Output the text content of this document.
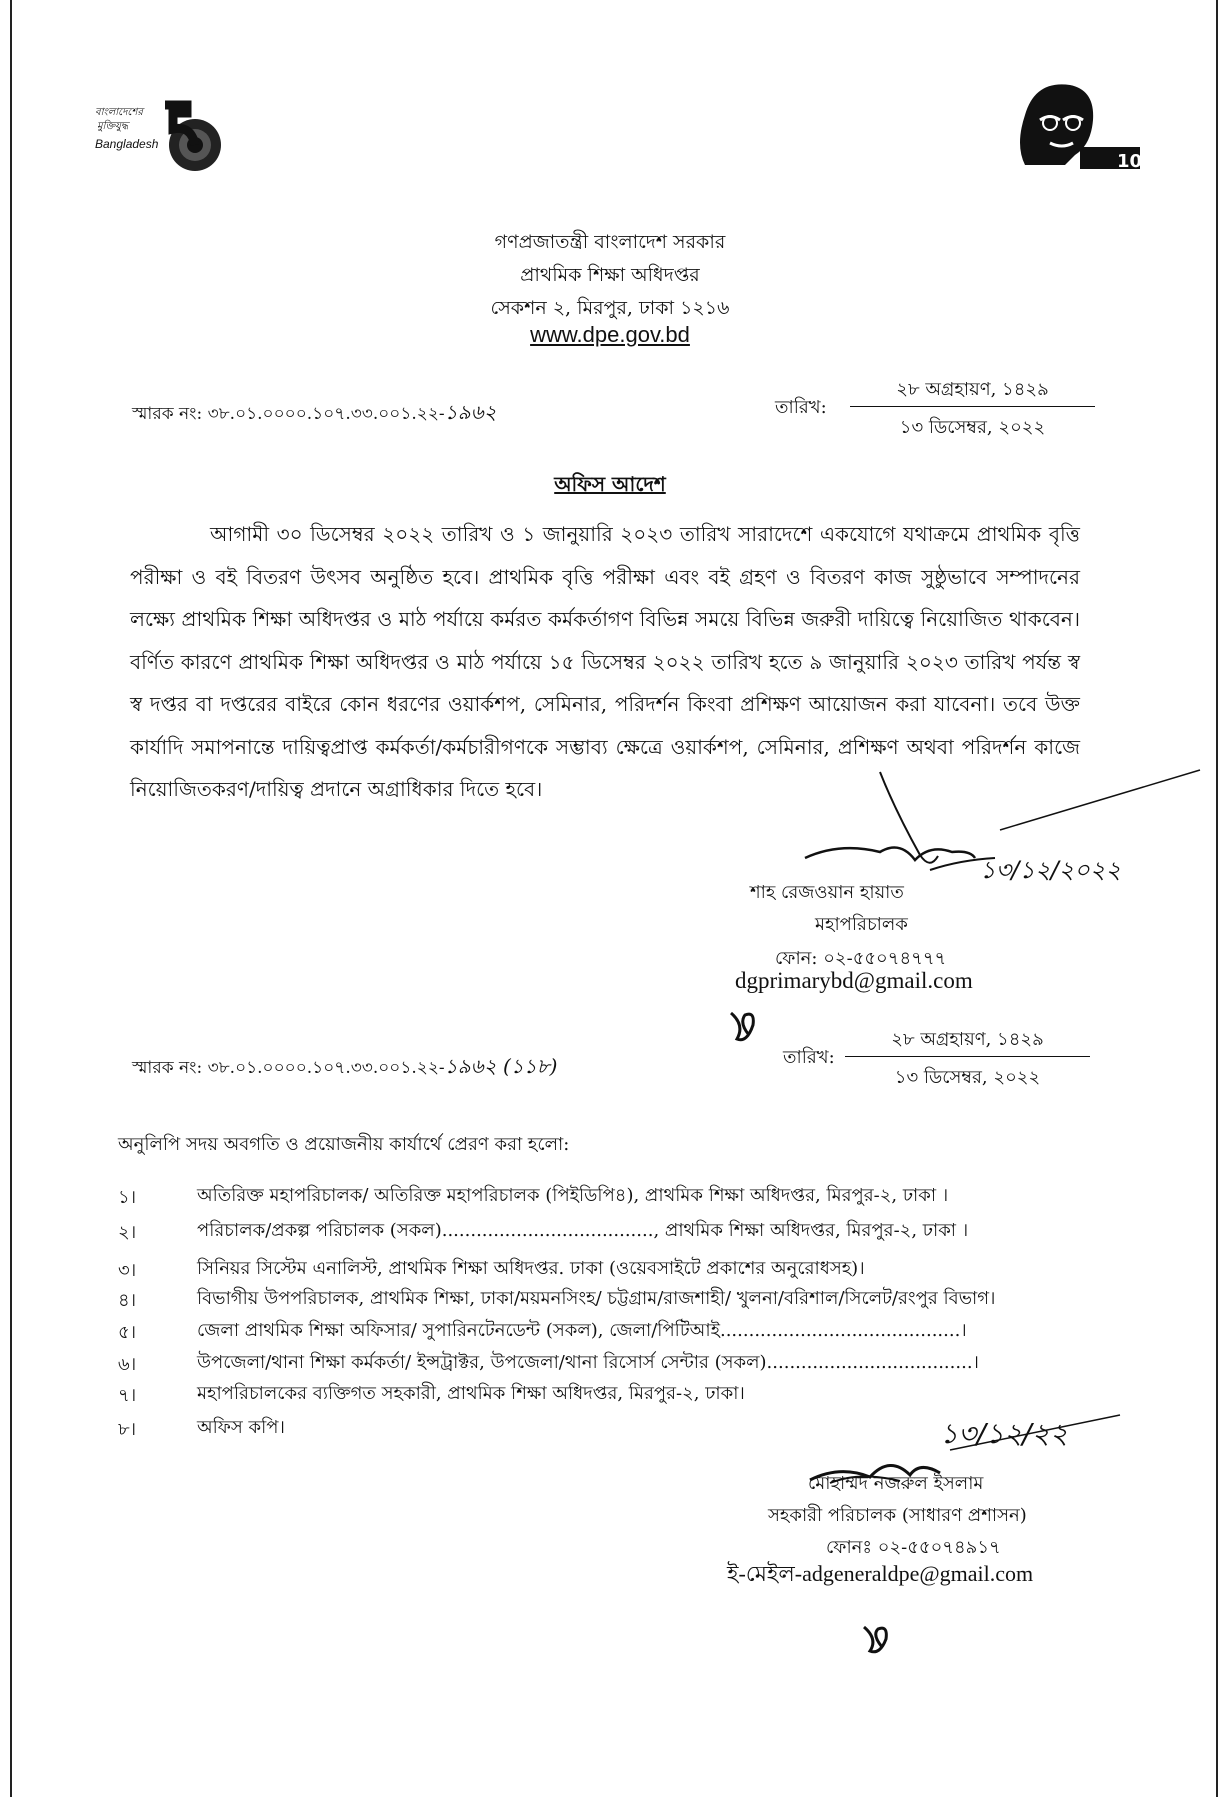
বাংলাদেশের
মুক্তিযুদ্ধ
Bangladesh
100
গণপ্রজাতন্ত্রী বাংলাদেশ সরকার
প্রাথমিক শিক্ষা অধিদপ্তর
সেকশন ২, মিরপুর, ঢাকা ১২১৬
www.dpe.gov.bd
স্মারক নং: ৩৮.০১.০০০০.১০৭.৩৩.০০১.২২-১৯৬২	তারিখ:
২৮ অগ্রহায়ণ, ১৪২৯
১৩ ডিসেম্বর, ২০২২
অফিস আদেশ

আগামী ৩০ ডিসেম্বর ২০২২ তারিখ ও ১ জানুয়ারি ২০২৩ তারিখ সারাদেশে একযোগে যথাক্রমে প্রাথমিক বৃত্তি পরীক্ষা ও বই বিতরণ উৎসব অনুষ্ঠিত হবে। প্রাথমিক বৃত্তি পরীক্ষা এবং বই গ্রহণ ও বিতরণ কাজ সুষ্ঠুভাবে সম্পাদনের লক্ষ্যে প্রাথমিক শিক্ষা অধিদপ্তর ও মাঠ পর্যায়ে কর্মরত কর্মকর্তাগণ বিভিন্ন সময়ে বিভিন্ন জরুরী দায়িত্বে নিয়োজিত থাকবেন। বর্ণিত কারণে প্রাথমিক শিক্ষা অধিদপ্তর ও মাঠ পর্যায়ে ১৫ ডিসেম্বর ২০২২ তারিখ হতে ৯ জানুয়ারি ২০২৩ তারিখ পর্যন্ত স্ব স্ব দপ্তর বা দপ্তরের বাইরে কোন ধরণের ওয়ার্কশপ, সেমিনার, পরিদর্শন কিংবা প্রশিক্ষণ আয়োজন করা যাবেনা। তবে উক্ত কার্যাদি সমাপনান্তে দায়িত্বপ্রাপ্ত কর্মকর্তা/কর্মচারীগণকে সম্ভাব্য ক্ষেত্রে ওয়ার্কশপ, সেমিনার, প্রশিক্ষণ অথবা পরিদর্শন কাজে নিয়োজিতকরণ/দায়িত্ব প্রদানে অগ্রাধিকার দিতে হবে।

১৩/১২/২০২২
শাহ রেজওয়ান হায়াত
মহাপরিচালক
ফোন: ০২-৫৫০৭৪৭৭৭
dgprimarybd@gmail.com
স্মারক নং: ৩৮.০১.০০০০.১০৭.৩৩.০০১.২২-১৯৬২ (১১৮)	তারিখ:
২৮ অগ্রহায়ণ, ১৪২৯
১৩ ডিসেম্বর, ২০২২
অনুলিপি সদয় অবগতি ও প্রয়োজনীয় কার্যার্থে প্রেরণ করা হলো:
১।	অতিরিক্ত মহাপরিচালক/ অতিরিক্ত মহাপরিচালক (পিইডিপি৪), প্রাথমিক শিক্ষা অধিদপ্তর, মিরপুর-২, ঢাকা ।
২।	পরিচালক/প্রকল্প পরিচালক (সকল)....................................., প্রাথমিক শিক্ষা অধিদপ্তর, মিরপুর-২, ঢাকা ।
৩।	সিনিয়র সিস্টেম এনালিস্ট, প্রাথমিক শিক্ষা অধিদপ্তর. ঢাকা (ওয়েবসাইটে প্রকাশের অনুরোধসহ)।
৪।	বিভাগীয় উপপরিচালক, প্রাথমিক শিক্ষা, ঢাকা/ময়মনসিংহ/ চট্টগ্রাম/রাজশাহী/ খুলনা/বরিশাল/সিলেট/রংপুর বিভাগ।
৫।	জেলা প্রাথমিক শিক্ষা অফিসার/ সুপারিনটেনডেন্ট (সকল), জেলা/পিটিআই..........................................।
৬।	উপজেলা/থানা শিক্ষা কর্মকর্তা/ ইন্সট্রাক্টর, উপজেলা/থানা রিসোর্স সেন্টার (সকল)....................................।
৭।	মহাপরিচালকের ব্যক্তিগত সহকারী, প্রাথমিক শিক্ষা অধিদপ্তর, মিরপুর-২, ঢাকা।
৮।	অফিস কপি।	১৩/১২/২২
মোহাম্মদ নজরুল ইসলাম
সহকারী পরিচালক (সাধারণ প্রশাসন)
ফোনঃ ০২-৫৫০৭৪৯১৭
ই-মেইল-adgeneraldpe@gmail.com
